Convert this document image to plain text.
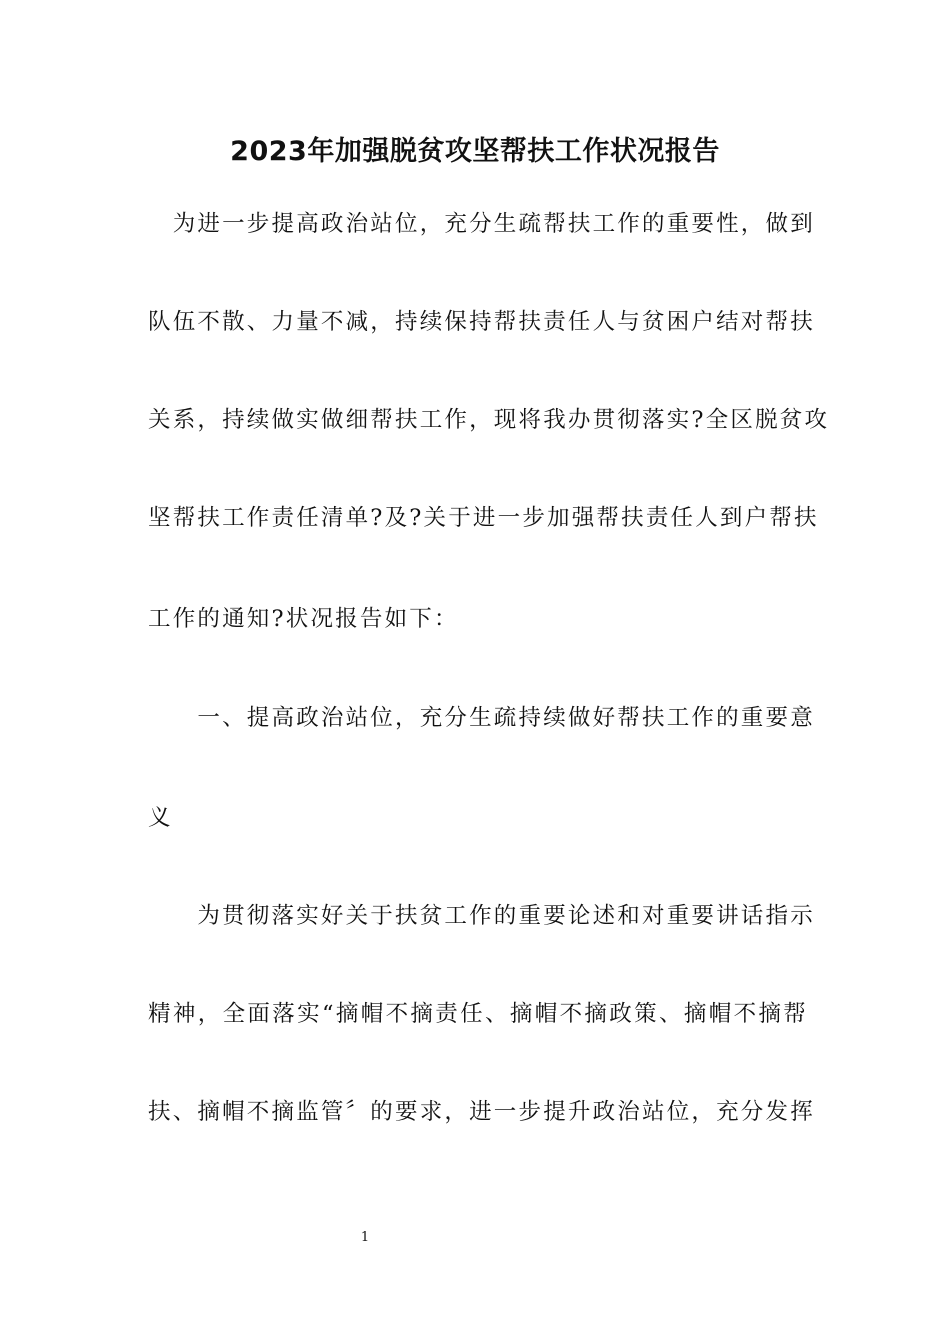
2023年加强脱贫攻坚帮扶工作状况报告
　为进一步提高政治站位，充分生疏帮扶工作的重要性，做到
队伍不散、力量不减，持续保持帮扶责任人与贫困户结对帮扶
关系，持续做实做细帮扶工作，现将我办贯彻落实?全区脱贫攻
坚帮扶工作责任清单?及?关于进一步加强帮扶责任人到户帮扶
工作的通知?状况报告如下：
　　一、提高政治站位，充分生疏持续做好帮扶工作的重要意
义
　　为贯彻落实好关于扶贫工作的重要论述和对重要讲话指示
精神，全面落实“摘帽不摘责任、摘帽不摘政策、摘帽不摘帮
扶、摘帽不摘监管〞的要求，进一步提升政治站位，充分发挥
1
